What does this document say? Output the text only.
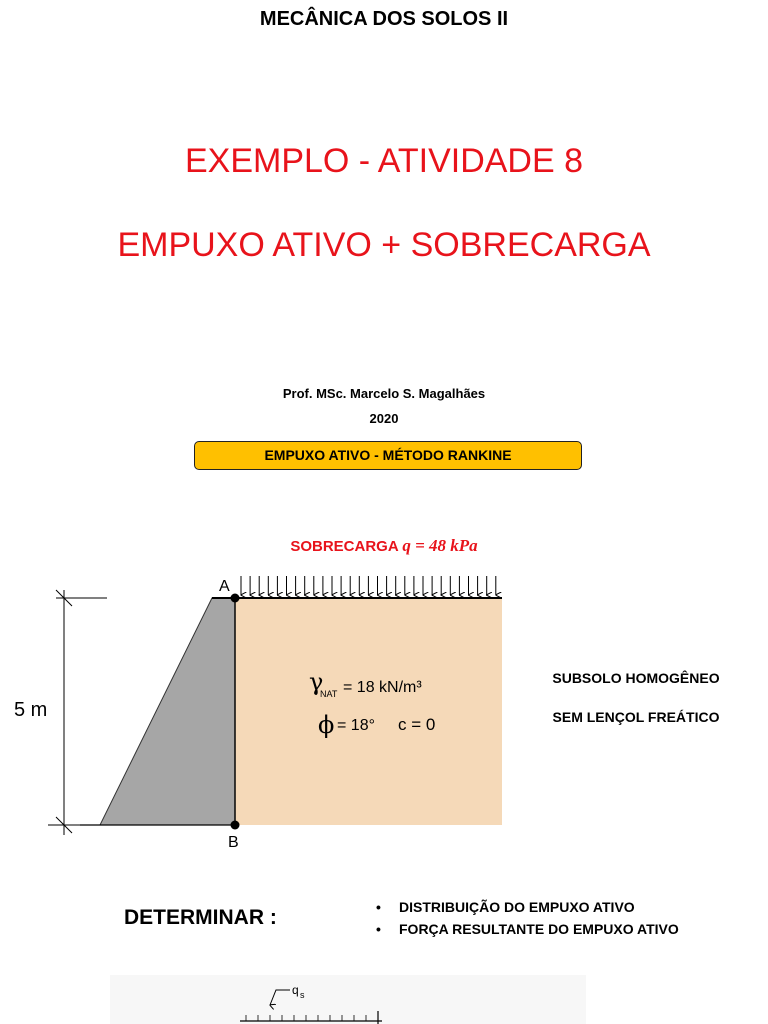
MECÂNICA DOS SOLOS II
EXEMPLO - ATIVIDADE 8
EMPUXO ATIVO + SOBRECARGA
Prof. MSc. Marcelo S. Magalhães
2020
EMPUXO ATIVO - MÉTODO RANKINE
SOBRECARGA q = 48 kPa
5 m
A
B
γ
NAT = 18 kN/m³
ϕ = 18° c = 0
SUBSOLO HOMOGÊNEO
SEM LENÇOL FREÁTICO
DETERMINAR :	• DISTRIBUIÇÃO DO EMPUXO ATIVO
• FORÇA RESULTANTE DO EMPUXO ATIVO
q s
